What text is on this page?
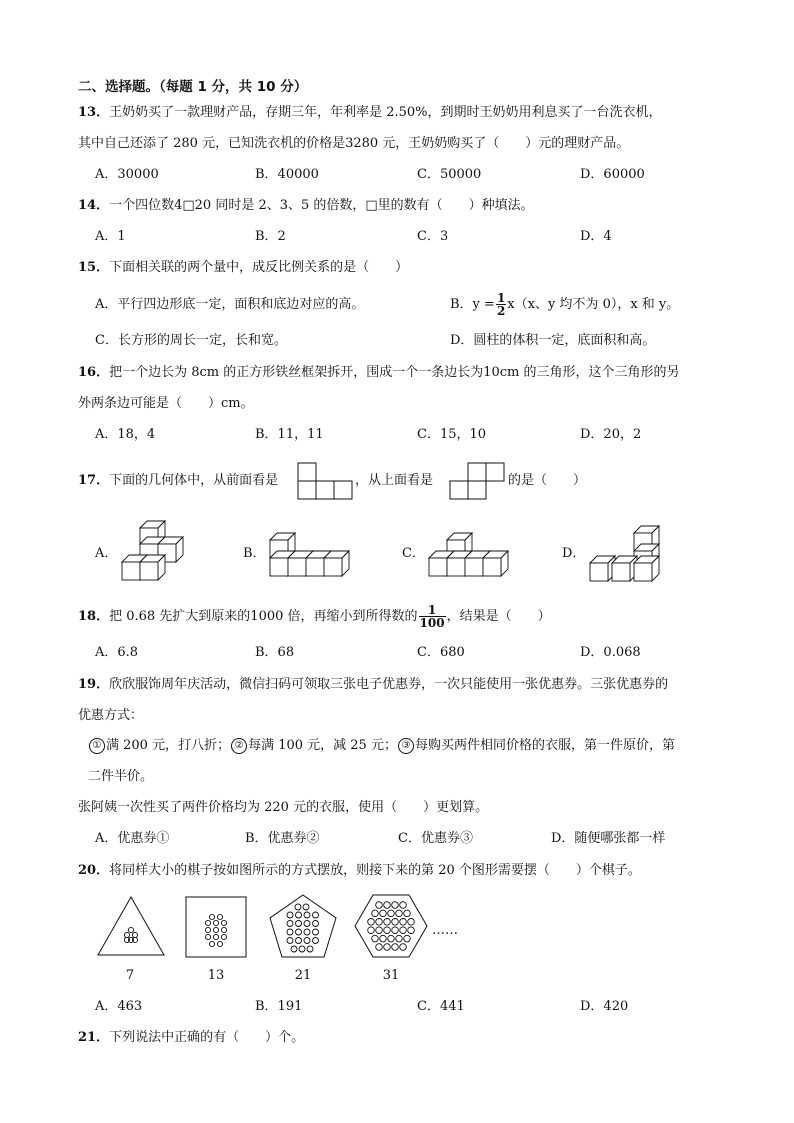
二、选择题。（每题 1 分，共 10 分）
13．王奶奶买了一款理财产品，存期三年，年利率是 2.50%，到期时王奶奶用利息买了一台洗衣机，
其中自己还添了 280 元，已知洗衣机的价格是3280 元，王奶奶购买了（　　）元的理财产品。
A．30000	B．40000	C．50000	D．60000
14．一个四位数4□20 同时是 2、3、5 的倍数，□里的数有（　　）种填法。
A．1	B．2	C．3	D．4
15．下面相关联的两个量中，成反比例关系的是（　　）
A．平行四边形底一定，面积和底边对应的高。	B．$y = \frac{1}{2} x(x$、y 均不为 0），x 和 y。
C．长方形的周长一定，长和宽。	D．圆柱的体积一定，底面积和高。
16．把一个边长为 8cm 的正方形铁丝框架拆开，围成一个一条边长为10cm 的三角形，这个三角形的另
外两条边可能是（　　）cm。
A．18，4	B．11，11	C．15，10	D．20，2
17．下面的几何体中，从前面看是	，从上面看是	的是（　　）
A．	B．	C．	D．
18．把 0.68 先扩大到原来的1000 倍，再缩小到所得数的 $\frac{1}{100}$ ，结果是（　　）
A．6.8	B．68	C．680	D．0.068
19．欣欣服饰周年庆活动，微信扫码可领取三张电子优惠券，一次只能使用一张优惠券。三张优惠券的
优惠方式：
① 满 200 元，打八折； ② 每满 100 元，减 25 元； ③ 每购买两件相同价格的衣服，第一件原价，第
二件半价。
张阿姨一次性买了两件价格均为 220 元的衣服，使用（　　）更划算。
A．优惠券①	B．优惠券②	C．优惠券③	D．随便哪张都一样
20．将同样大小的棋子按如图所示的方式摆放，则接下来的第 20 个图形需要摆（　　）个棋子。
……
7	13	21	31
A．463	B．191	C．441	D．420
21．下列说法中正确的有（　　）个。
